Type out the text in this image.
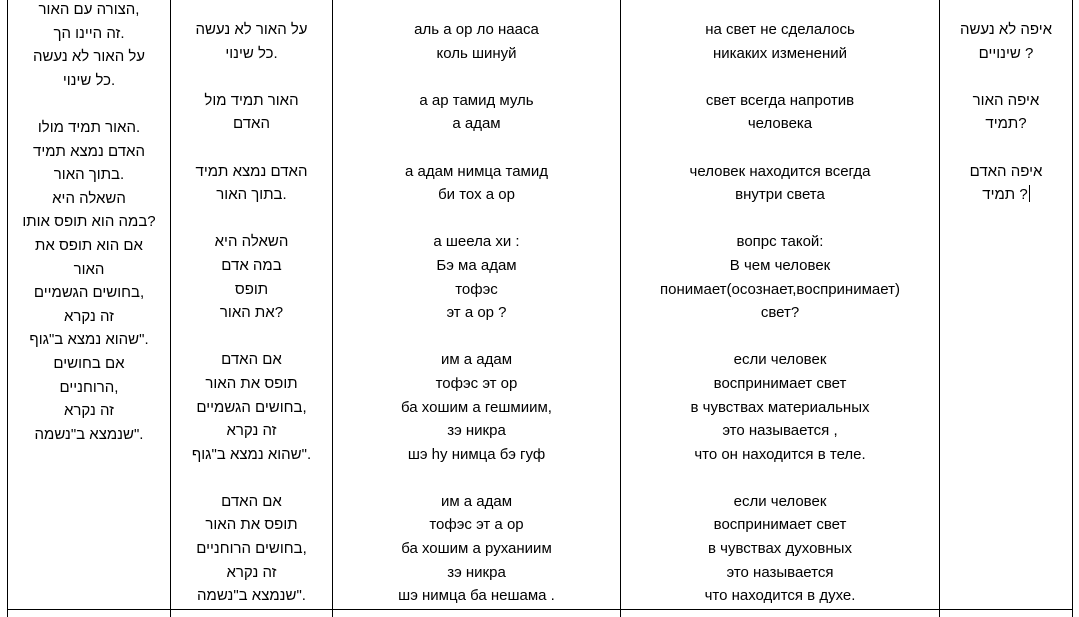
,הצורה עם האור
.זה היינו הך
על האור לא נעשה
.כל שינוי
.האור תמיד מולו
האדם נמצא תמיד
.בתוך האור
השאלה היא
?במה הוא תופס אותו
אם הוא תופס את
האור
,בחושים הגשמיים
זה נקרא
."שהוא נמצא ב"גוף
אם בחושים
,הרוחניים
זה נקרא
."שנמצא ב"נשמה
על האור לא נעשה
.כל שינוי
האור תמיד מול
האדם
האדם נמצא תמיד
.בתוך האור
השאלה היא
במה אדם
תופס
?את האור
אם האדם
תופס את האור
,בחושים הגשמיים
זה נקרא
."שהוא נמצא ב"גוף
אם האדם
תופס את האור
,בחושים הרוחניים
זה נקרא
."שנמצא ב"נשמה
аль а ор ло нааса
коль шинуй
а ар тамид муль
а адам
а адам нимца тамид
би тох а ор
а шеела хи :
Бэ ма адам
тофэс
эт а ор ?
им а адам
тофэс эт ор
ба хошим а гешмиим,
зэ никра
шэ hу нимца бэ гуф
им а адам
тофэс эт а ор
ба хошим а руханиим
зэ никра
шэ нимца ба нешама .
на свет не сделалось
никаких изменений
свет всегда напротив
человека
человек находится всегда
внутри света
вопрс такой:
В чем человек
понимает(осознает,воспринимает)
свет?
если человек
воспринимает свет
в чувствах материальных
это называется ,
что он находится в теле.
если человек
воспринимает свет
в чувствах духовных
это называется
что находится в духе.
איפה לא נעשה
? שינויים
איפה האור
?תמיד
איפה האדם
? תמיד
